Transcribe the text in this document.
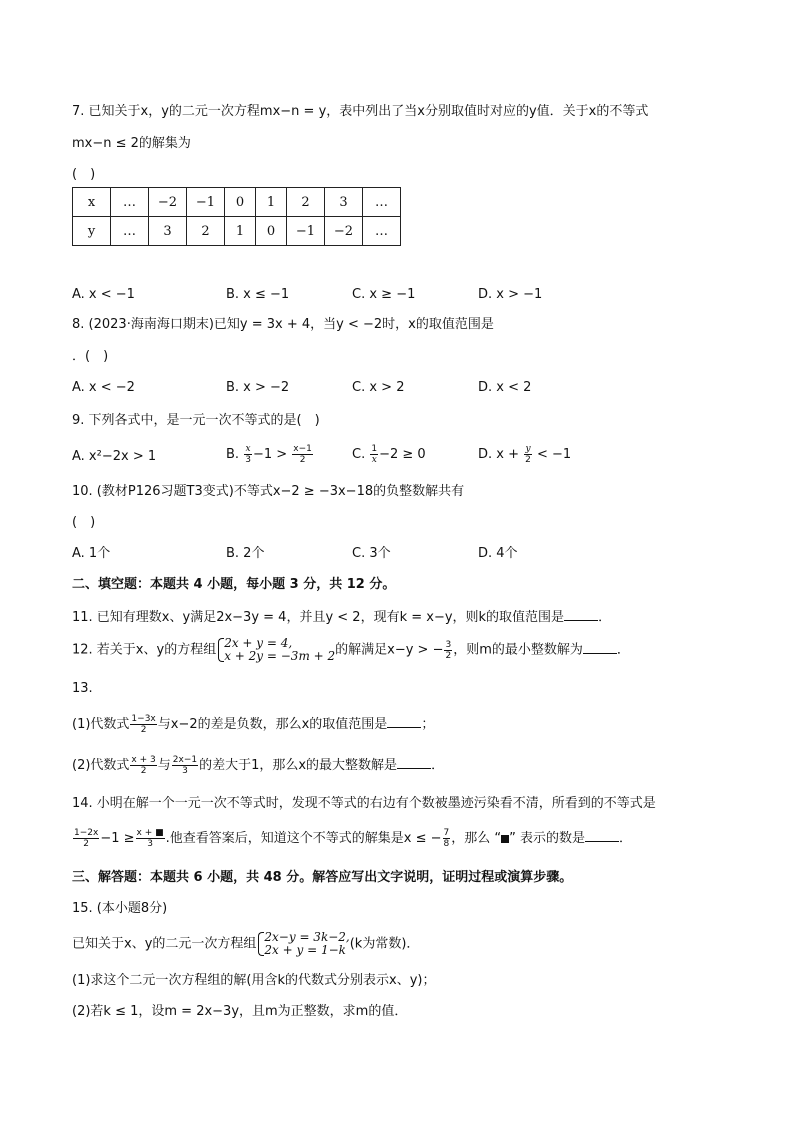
7. 已知关于x，y的二元一次方程mx−n = y，表中列出了当x分别取值时对应的y值．关于x的不等式
mx−n ≤ 2的解集为
(　)
x	…	−2	−1	0	1	2	3	…
y	…	3	2	1	0	−1	−2	…
A. x < −1	B. x ≤ −1	C. x ≥ −1	D. x > −1
8. (2023·海南海口期末)已知y = 3x + 4，当y < −2时，x的取值范围是
．(　)
A. x < −2	B. x > −2	C. x > 2	D. x < 2
9. 下列各式中，是一元一次不等式的是(　)
A. x²−2x > 1	B. $\frac{x}{3} -1 > \frac{x-1}{2}$	C. $\frac{1}{x} -2 \ge 0$	D. $x + \frac{y}{2} < -1$
10. (教材P126习题T3变式)不等式x−2 ≥ −3x−18的负整数解共有
(　)
A. 1个	B. 2个	C. 3个	D. 4个
二、填空题：本题共 4 小题，每小题 3 分，共 12 分。
11. 已知有理数x、y满足2x−3y = 4，并且y < 2，现有k = x−y，则k的取值范围是	．
12. 若关于x、y的方程组 2x + y = 4,
x + 2y = −3m + 2 的解满足x−y > − $\frac{3}{2}$ ，则m的最小整数解为	．
13.
(1)代数式 $\frac{1-3x}{2}$ 与x−2的差是负数，那么x的取值范围是	；
(2)代数式 $\frac{x + 3}{2}$ 与 $\frac{2x-1}{3}$ 的差大于1，那么x的最大整数解是	．
14. 小明在解一个一元一次不等式时，发现不等式的右边有个数被墨迹污染看不清，所看到的不等式是
$\frac{1-2x}{2} -1 \ge \frac{x + ■}{3}$ .他查看答案后，知道这个不等式的解集是x ≤ − $\frac{7}{8}$ ，那么 “ ” 表示的数是	．
三、解答题：本题共 6 小题，共 48 分。解答应写出文字说明，证明过程或演算步骤。
15. (本小题8分)
已知关于x、y的二元一次方程组 2x−y = 3k−2,
2x + y = 1−k (k为常数)．
(1)求这个二元一次方程组的解(用含k的代数式分别表示x、y)；
(2)若k ≤ 1，设m = 2x−3y，且m为正整数，求m的值．
